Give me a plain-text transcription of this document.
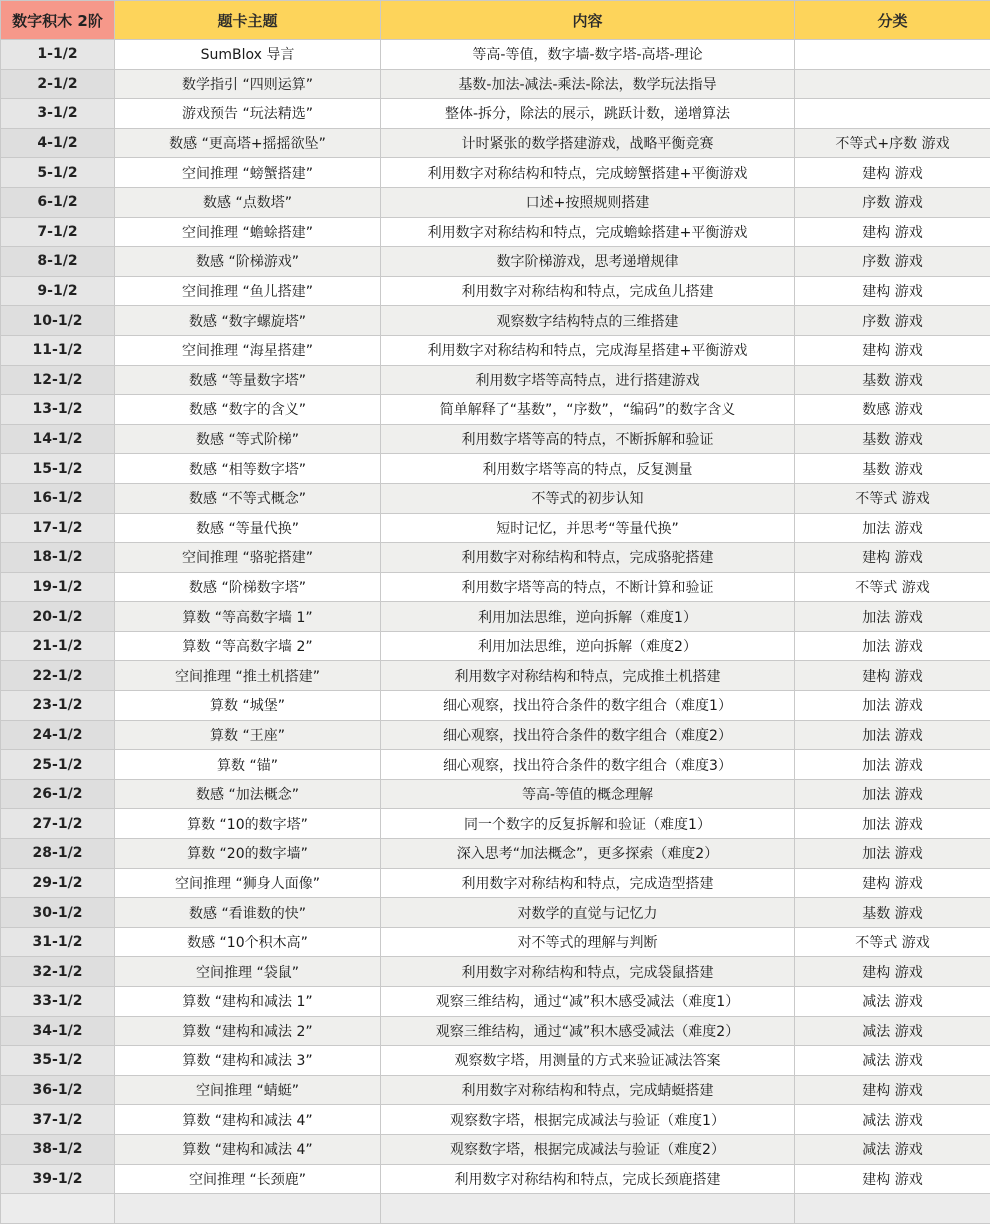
数字积木 2阶	题卡主题	内容	分类
1-1/2	SumBlox 导言	等高-等值，数字墙-数字塔-高塔-理论	
2-1/2	数学指引 “四则运算”	基数-加法-减法-乘法-除法，数学玩法指导	
3-1/2	游戏预告 “玩法精选”	整体-拆分，除法的展示，跳跃计数，递增算法	
4-1/2	数感 “更高塔+摇摇欲坠”	计时紧张的数学搭建游戏，战略平衡竞赛	不等式+序数 游戏
5-1/2	空间推理 “螃蟹搭建”	利用数字对称结构和特点，完成螃蟹搭建+平衡游戏	建构 游戏
6-1/2	数感 “点数塔”	口述+按照规则搭建	序数 游戏
7-1/2	空间推理 “蟾蜍搭建”	利用数字对称结构和特点，完成蟾蜍搭建+平衡游戏	建构 游戏
8-1/2	数感 “阶梯游戏”	数字阶梯游戏，思考递增规律	序数 游戏
9-1/2	空间推理 “鱼儿搭建”	利用数字对称结构和特点，完成鱼儿搭建	建构 游戏
10-1/2	数感 “数字螺旋塔”	观察数字结构特点的三维搭建	序数 游戏
11-1/2	空间推理 “海星搭建”	利用数字对称结构和特点，完成海星搭建+平衡游戏	建构 游戏
12-1/2	数感 “等量数字塔”	利用数字塔等高特点，进行搭建游戏	基数 游戏
13-1/2	数感 “数字的含义”	简单解释了“基数”，“序数”，“编码”的数字含义	数感 游戏
14-1/2	数感 “等式阶梯”	利用数字塔等高的特点，不断拆解和验证	基数 游戏
15-1/2	数感 “相等数字塔”	利用数字塔等高的特点，反复测量	基数 游戏
16-1/2	数感 “不等式概念”	不等式的初步认知	不等式 游戏
17-1/2	数感 “等量代换”	短时记忆，并思考“等量代换”	加法 游戏
18-1/2	空间推理 “骆驼搭建”	利用数字对称结构和特点，完成骆驼搭建	建构 游戏
19-1/2	数感 “阶梯数字塔”	利用数字塔等高的特点，不断计算和验证	不等式 游戏
20-1/2	算数 “等高数字墙 1”	利用加法思维，逆向拆解（难度1）	加法 游戏
21-1/2	算数 “等高数字墙 2”	利用加法思维，逆向拆解（难度2）	加法 游戏
22-1/2	空间推理 “推土机搭建”	利用数字对称结构和特点，完成推土机搭建	建构 游戏
23-1/2	算数 “城堡”	细心观察，找出符合条件的数字组合（难度1）	加法 游戏
24-1/2	算数 “王座”	细心观察，找出符合条件的数字组合（难度2）	加法 游戏
25-1/2	算数 “锚”	细心观察，找出符合条件的数字组合（难度3）	加法 游戏
26-1/2	数感 “加法概念”	等高-等值的概念理解	加法 游戏
27-1/2	算数 “10的数字塔”	同一个数字的反复拆解和验证（难度1）	加法 游戏
28-1/2	算数 “20的数字墙”	深入思考“加法概念”，更多探索（难度2）	加法 游戏
29-1/2	空间推理 “狮身人面像”	利用数字对称结构和特点，完成造型搭建	建构 游戏
30-1/2	数感 “看谁数的快”	对数学的直觉与记忆力	基数 游戏
31-1/2	数感 “10个积木高”	对不等式的理解与判断	不等式 游戏
32-1/2	空间推理 “袋鼠”	利用数字对称结构和特点，完成袋鼠搭建	建构 游戏
33-1/2	算数 “建构和减法 1”	观察三维结构，通过“减”积木感受减法（难度1）	减法 游戏
34-1/2	算数 “建构和减法 2”	观察三维结构，通过“减”积木感受减法（难度2）	减法 游戏
35-1/2	算数 “建构和减法 3”	观察数字塔，用测量的方式来验证减法答案	减法 游戏
36-1/2	空间推理 “蜻蜓”	利用数字对称结构和特点，完成蜻蜓搭建	建构 游戏
37-1/2	算数 “建构和减法 4”	观察数字塔，根据完成减法与验证（难度1）	减法 游戏
38-1/2	算数 “建构和减法 4”	观察数字塔，根据完成减法与验证（难度2）	减法 游戏
39-1/2	空间推理 “长颈鹿”	利用数字对称结构和特点，完成长颈鹿搭建	建构 游戏
